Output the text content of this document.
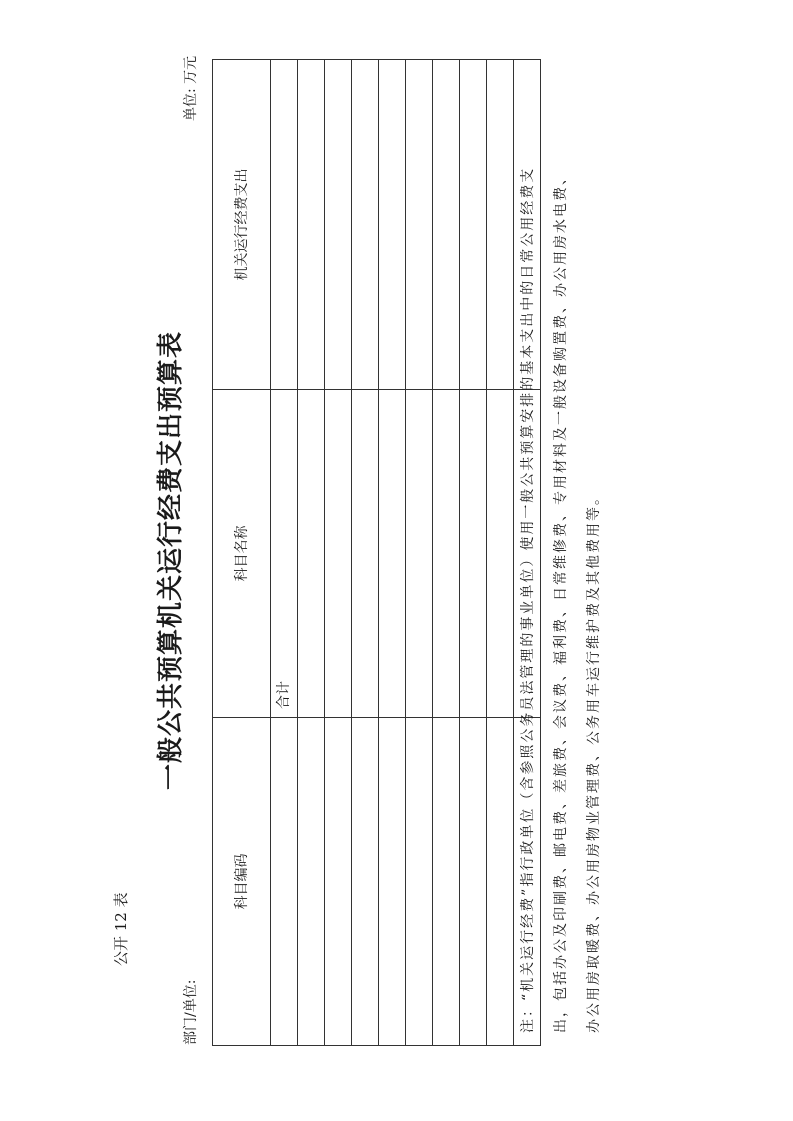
公开 12 表
一般公共预算机关运行经费支出预算表
部门/单位:
单位: 万元
科目编码	科目名称	机关运行经费支出
	合计	

			注：“机关运行经费”指行政单位（含参照公务员法管理的事业单位）使用一般公共预算安排的基本支出中的日常公用经费支	出，包括办公及印刷费、邮电费、差旅费、会议费、福利费、日常维修费、专用材料及一般设备购置费、办公用房水电费、	办公用房取暖费、办公用房物业管理费、公务用车运行维护费及其他费用等。
